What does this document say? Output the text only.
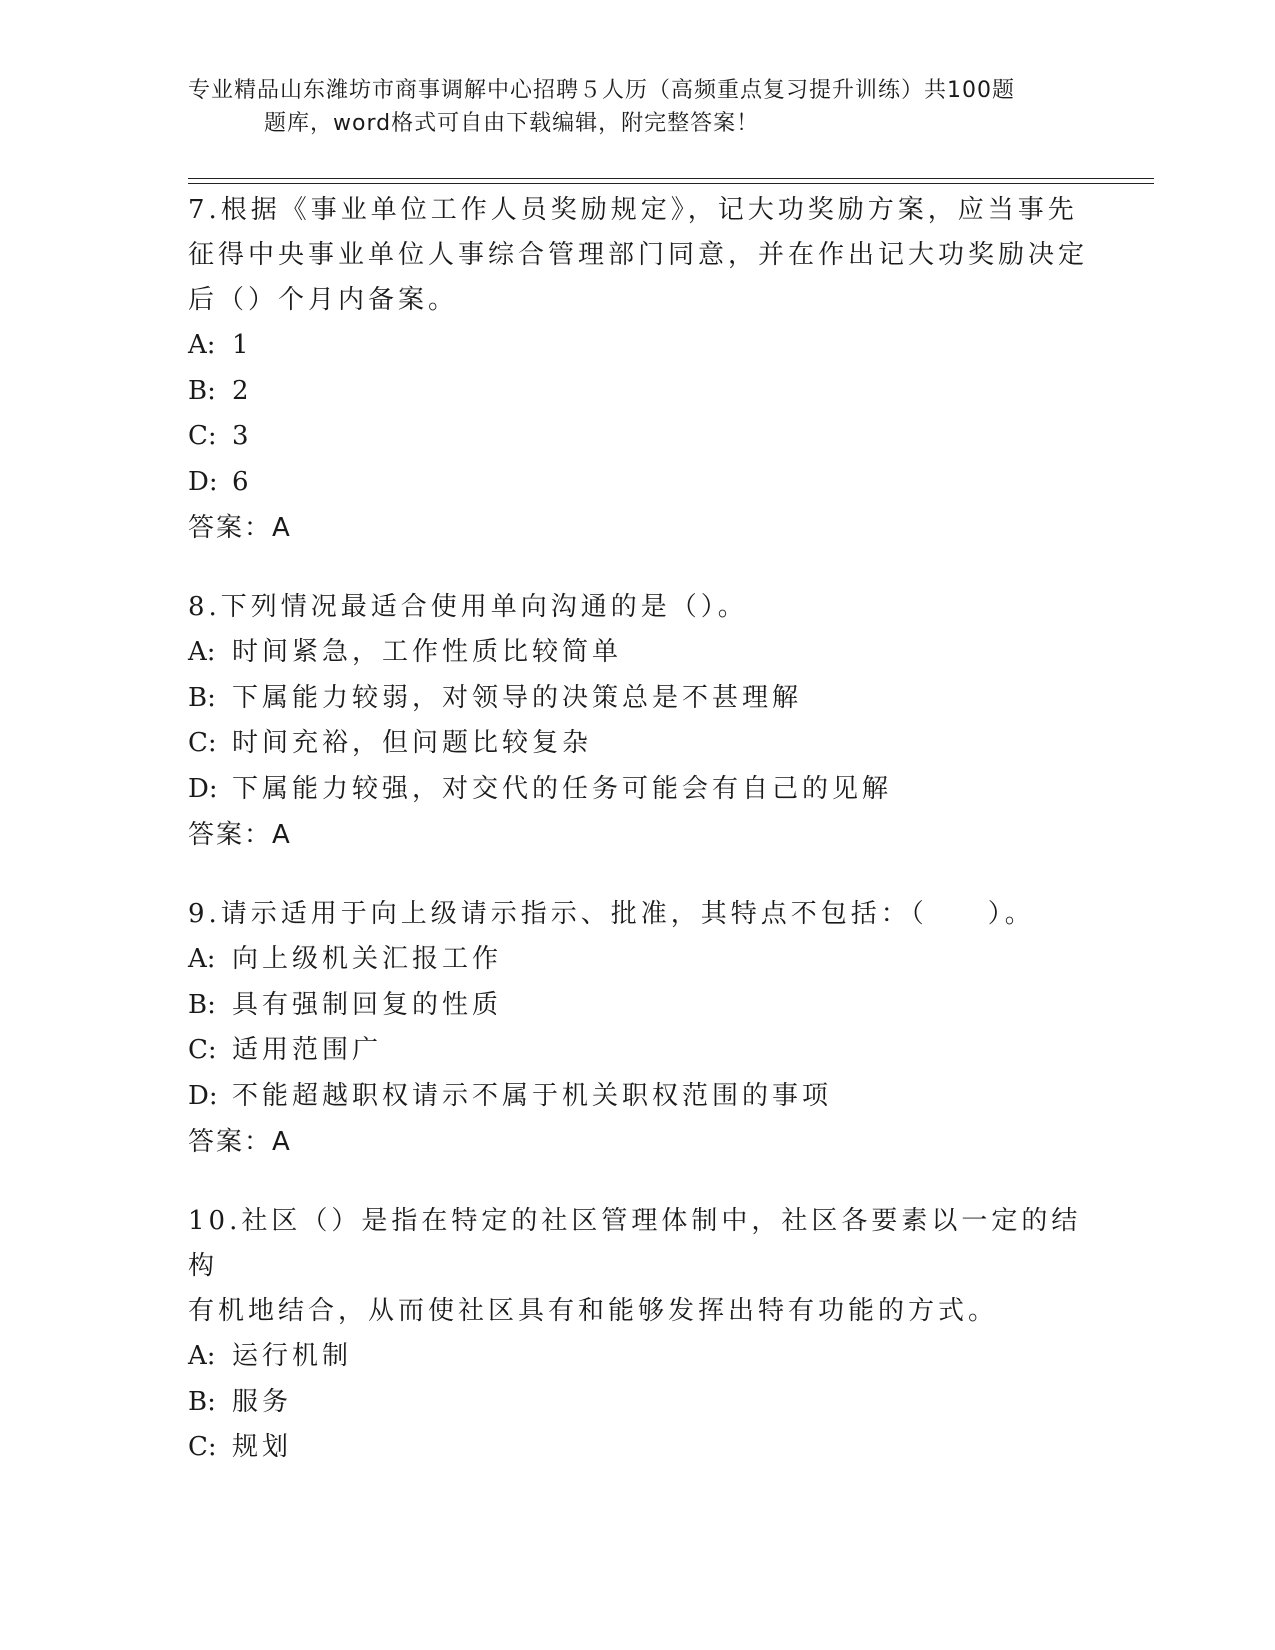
专业精品山东潍坊市商事调解中心招聘５人历（高频重点复习提升训练）共100题
题库，word格式可自由下载编辑，附完整答案！
7.根据《事业单位工作人员奖励规定》，记大功奖励方案，应当事先
征得中央事业单位人事综合管理部门同意，并在作出记大功奖励决定
后（）个月内备案。
A: 1
B: 2
C: 3
D: 6
答案：A
8.下列情况最适合使用单向沟通的是（）。
A: 时间紧急，工作性质比较简单
B: 下属能力较弱，对领导的决策总是不甚理解
C: 时间充裕，但问题比较复杂
D: 下属能力较强，对交代的任务可能会有自己的见解
答案：A
9.请示适用于向上级请示指示、批准，其特点不包括：（　　）。
A: 向上级机关汇报工作
B: 具有强制回复的性质
C: 适用范围广
D: 不能超越职权请示不属于机关职权范围的事项
答案：A
10.社区（）是指在特定的社区管理体制中，社区各要素以一定的结构
有机地结合，从而使社区具有和能够发挥出特有功能的方式。
A: 运行机制
B: 服务
C: 规划
